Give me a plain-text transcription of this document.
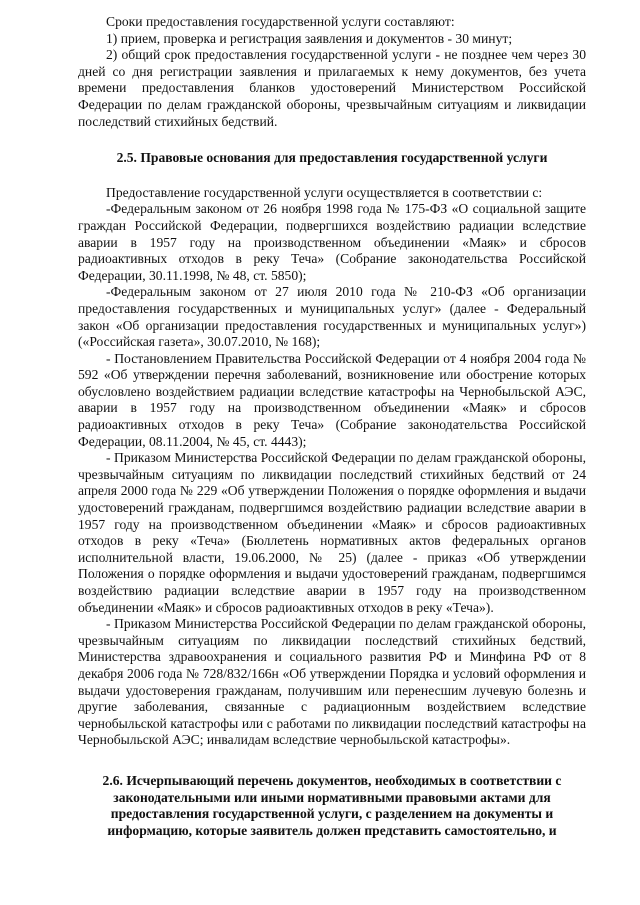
Сроки предоставления государственной услуги составляют:

1) прием, проверка и регистрация заявления и документов - 30 минут;

2) общий срок предоставления государственной услуги - не позднее чем через 30 дней со дня регистрации заявления и прилагаемых к нему документов, без учета времени предоставления бланков удостоверений Министерством Российской Федерации по делам гражданской обороны, чрезвычайным ситуациям и ликвидации последствий стихийных бедствий.

2.5. Правовые основания для предоставления государственной услуги

Предоставление государственной услуги осуществляется в соответствии с:

-Федеральным законом от 26 ноября 1998 года № 175-ФЗ «О социальной защите граждан Российской Федерации, подвергшихся воздействию радиации вследствие аварии в 1957 году на производственном объединении «Маяк» и сбросов радиоактивных отходов в реку Теча» (Собрание законодательства Российской Федерации, 30.11.1998, № 48, ст. 5850);

-Федеральным законом от 27 июля 2010 года № 210-ФЗ «Об организации предоставления государственных и муниципальных услуг» (далее - Федеральный закон «Об организации предоставления государственных и муниципальных услуг») («Российская газета», 30.07.2010, № 168);

- Постановлением Правительства Российской Федерации от 4 ноября 2004 года № 592 «Об утверждении перечня заболеваний, возникновение или обострение которых обусловлено воздействием радиации вследствие катастрофы на Чернобыльской АЭС, аварии в 1957 году на производственном объединении «Маяк» и сбросов радиоактивных отходов в реку Теча» (Собрание законодательства Российской Федерации, 08.11.2004, № 45, ст. 4443);

- Приказом Министерства Российской Федерации по делам гражданской обороны, чрезвычайным ситуациям по ликвидации последствий стихийных бедствий от 24 апреля 2000 года № 229 «Об утверждении Положения о порядке оформления и выдачи удостоверений гражданам, подвергшимся воздействию радиации вследствие аварии в 1957 году на производственном объединении «Маяк» и сбросов радиоактивных отходов в реку «Теча» (Бюллетень нормативных актов федеральных органов исполнительной власти, 19.06.2000, № 25) (далее - приказ «Об утверждении Положения о порядке оформления и выдачи удостоверений гражданам, подвергшимся воздействию радиации вследствие аварии в 1957 году на производственном объединении «Маяк» и сбросов радиоактивных отходов в реку «Теча»).

- Приказом Министерства Российской Федерации по делам гражданской обороны, чрезвычайным ситуациям по ликвидации последствий стихийных бедствий, Министерства здравоохранения и социального развития РФ и Минфина РФ от 8 декабря 2006 года № 728/832/166н «Об утверждении Порядка и условий оформления и выдачи удостоверения гражданам, получившим или перенесшим лучевую болезнь и другие заболевания, связанные с радиационным воздействием вследствие чернобыльской катастрофы или с работами по ликвидации последствий катастрофы на Чернобыльской АЭС; инвалидам вследствие чернобыльской катастрофы».

2.6. Исчерпывающий перечень документов, необходимых в соответствии с законодательными или иными нормативными правовыми актами для предоставления государственной услуги, с разделением на документы и информацию, которые заявитель должен представить самостоятельно, и
